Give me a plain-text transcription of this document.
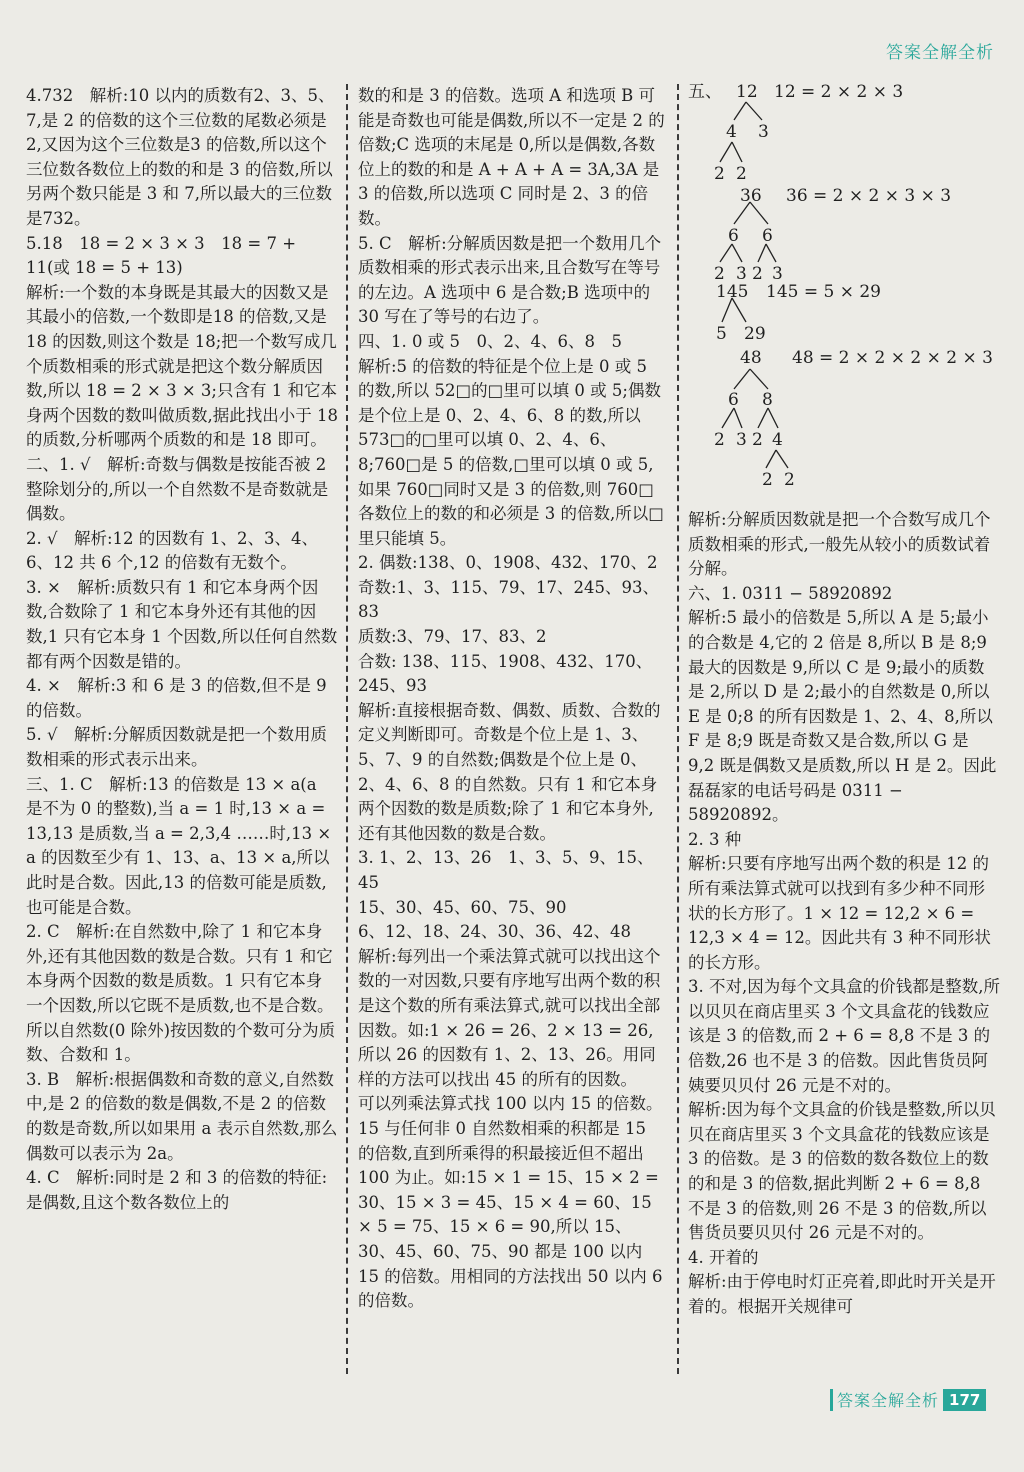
答案全解全析

4.732　解析:10 以内的质数有2、3、5、7,是 2 的倍数的这个三位数的尾数必须是2,又因为这个三位数是3 的倍数,所以这个三位数各数位上的数的和是 3 的倍数,所以另两个数只能是 3 和 7,所以最大的三位数是732。

5.18　18 = 2 × 3 × 3　18 = 7 + 11(或 18 = 5 + 13)

解析:一个数的本身既是其最大的因数又是其最小的倍数,一个数即是18 的倍数,又是 18 的因数,则这个数是 18;把一个数写成几个质数相乘的形式就是把这个数分解质因数,所以 18 = 2 × 3 × 3;只含有 1 和它本身两个因数的数叫做质数,据此找出小于 18 的质数,分析哪两个质数的和是 18 即可。

二、1. √　解析:奇数与偶数是按能否被 2 整除划分的,所以一个自然数不是奇数就是偶数。

2. √　解析:12 的因数有 1、2、3、4、6、12 共 6 个,12 的倍数有无数个。

3. ×　解析:质数只有 1 和它本身两个因数,合数除了 1 和它本身外还有其他的因数,1 只有它本身 1 个因数,所以任何自然数都有两个因数是错的。

4. ×　解析:3 和 6 是 3 的倍数,但不是 9 的倍数。

5. √　解析:分解质因数就是把一个数用质数相乘的形式表示出来。

三、1. C　解析:13 的倍数是 13 × a(a 是不为 0 的整数),当 a = 1 时,13 × a = 13,13 是质数,当 a = 2,3,4 ……时,13 × a 的因数至少有 1、13、a、13 × a,所以此时是合数。因此,13 的倍数可能是质数,也可能是合数。

2. C　解析:在自然数中,除了 1 和它本身外,还有其他因数的数是合数。只有 1 和它本身两个因数的数是质数。1 只有它本身一个因数,所以它既不是质数,也不是合数。所以自然数(0 除外)按因数的个数可分为质数、合数和 1。

3. B　解析:根据偶数和奇数的意义,自然数中,是 2 的倍数的数是偶数,不是 2 的倍数的数是奇数,所以如果用 a 表示自然数,那么偶数可以表示为 2a。

4. C　解析:同时是 2 和 3 的倍数的特征:是偶数,且这个数各数位上的

数的和是 3 的倍数。选项 A 和选项 B 可能是奇数也可能是偶数,所以不一定是 2 的倍数;C 选项的末尾是 0,所以是偶数,各数位上的数的和是 A + A + A = 3A,3A 是 3 的倍数,所以选项 C 同时是 2、3 的倍数。

5. C　解析:分解质因数是把一个数用几个质数相乘的形式表示出来,且合数写在等号的左边。A 选项中 6 是合数;B 选项中的 30 写在了等号的右边了。

四、1. 0 或 5　0、2、4、6、8　5

解析:5 的倍数的特征是个位上是 0 或 5 的数,所以 52□的□里可以填 0 或 5;偶数是个位上是 0、2、4、6、8 的数,所以 573□的□里可以填 0、2、4、6、8;760□是 5 的倍数,□里可以填 0 或 5,如果 760□同时又是 3 的倍数,则 760□各数位上的数的和必须是 3 的倍数,所以□里只能填 5。

2. 偶数:138、0、1908、432、170、2

奇数:1、3、115、79、17、245、93、83

质数:3、79、17、83、2

合数: 138、115、1908、432、170、245、93

解析:直接根据奇数、偶数、质数、合数的定义判断即可。奇数是个位上是 1、3、5、7、9 的自然数;偶数是个位上是 0、2、4、6、8 的自然数。只有 1 和它本身两个因数的数是质数;除了 1 和它本身外,还有其他因数的数是合数。

3. 1、2、13、26　1、3、5、9、15、45

15、30、45、60、75、90

6、12、18、24、30、36、42、48

解析:每列出一个乘法算式就可以找出这个数的一对因数,只要有序地写出两个数的积是这个数的所有乘法算式,就可以找出全部因数。如:1 × 26 = 26、2 × 13 = 26,所以 26 的因数有 1、2、13、26。用同样的方法可以找出 45 的所有的因数。

可以列乘法算式找 100 以内 15 的倍数。15 与任何非 0 自然数相乘的积都是 15 的倍数,直到所乘得的积最接近但不超出 100 为止。如:15 × 1 = 15、15 × 2 = 30、15 × 3 = 45、15 × 4 = 60、15 × 5 = 75、15 × 6 = 90,所以 15、30、45、60、75、90 都是 100 以内 15 的倍数。用相同的方法找出 50 以内 6 的倍数。

五、 12 12 = 2 × 2 × 3
4 3
2 2
36 36 = 2 × 2 × 3 × 3
6 6
2 3 2 3
145 145 = 5 × 29
5 29
48 48 = 2 × 2 × 2 × 2 × 3
6 8
2 3 2 4
2 2

解析:分解质因数就是把一个合数写成几个质数相乘的形式,一般先从较小的质数试着分解。

六、1. 0311 − 58920892

解析:5 最小的倍数是 5,所以 A 是 5;最小的合数是 4,它的 2 倍是 8,所以 B 是 8;9 最大的因数是 9,所以 C 是 9;最小的质数是 2,所以 D 是 2;最小的自然数是 0,所以 E 是 0;8 的所有因数是 1、2、4、8,所以 F 是 8;9 既是奇数又是合数,所以 G 是 9,2 既是偶数又是质数,所以 H 是 2。因此磊磊家的电话号码是 0311 − 58920892。

2. 3 种

解析:只要有序地写出两个数的积是 12 的所有乘法算式就可以找到有多少种不同形状的长方形了。1 × 12 = 12,2 × 6 = 12,3 × 4 = 12。因此共有 3 种不同形状的长方形。

3. 不对,因为每个文具盒的价钱都是整数,所以贝贝在商店里买 3 个文具盒花的钱数应该是 3 的倍数,而 2 + 6 = 8,8 不是 3 的倍数,26 也不是 3 的倍数。因此售货员阿姨要贝贝付 26 元是不对的。

解析:因为每个文具盒的价钱是整数,所以贝贝在商店里买 3 个文具盒花的钱数应该是 3 的倍数。是 3 的倍数的数各数位上的数的和是 3 的倍数,据此判断 2 + 6 = 8,8 不是 3 的倍数,则 26 不是 3 的倍数,所以售货员要贝贝付 26 元是不对的。

4. 开着的

解析:由于停电时灯正亮着,即此时开关是开着的。根据开关规律可

答案全解全析 177
